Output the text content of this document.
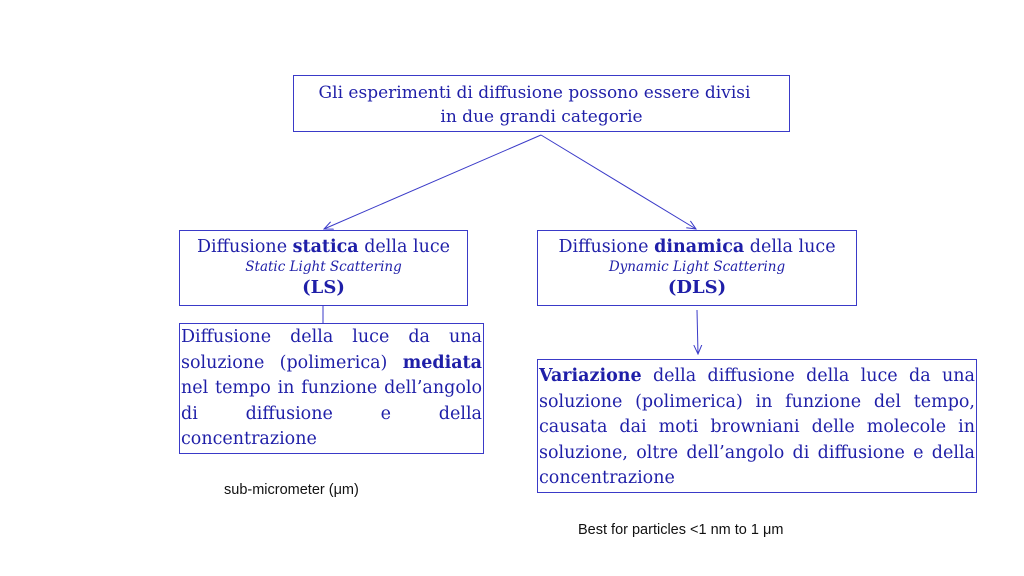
Gli esperimenti di diffusione possono essere divisi
in due grandi categorie
Diffusione statica della luce
Static Light Scattering
(LS)
Diffusione dinamica della luce
Dynamic Light Scattering
(DLS)
Diffusione della luce da una soluzione (polimerica) mediata nel tempo in funzione dell’angolo di diffusione e della concentrazione
Variazione della diffusione della luce da una soluzione (polimerica) in funzione del tempo, causata dai moti browniani delle molecole in soluzione, oltre dell’angolo di diffusione e della concentrazione
sub-micrometer (μm)
Best for particles <1 nm to 1 μm
